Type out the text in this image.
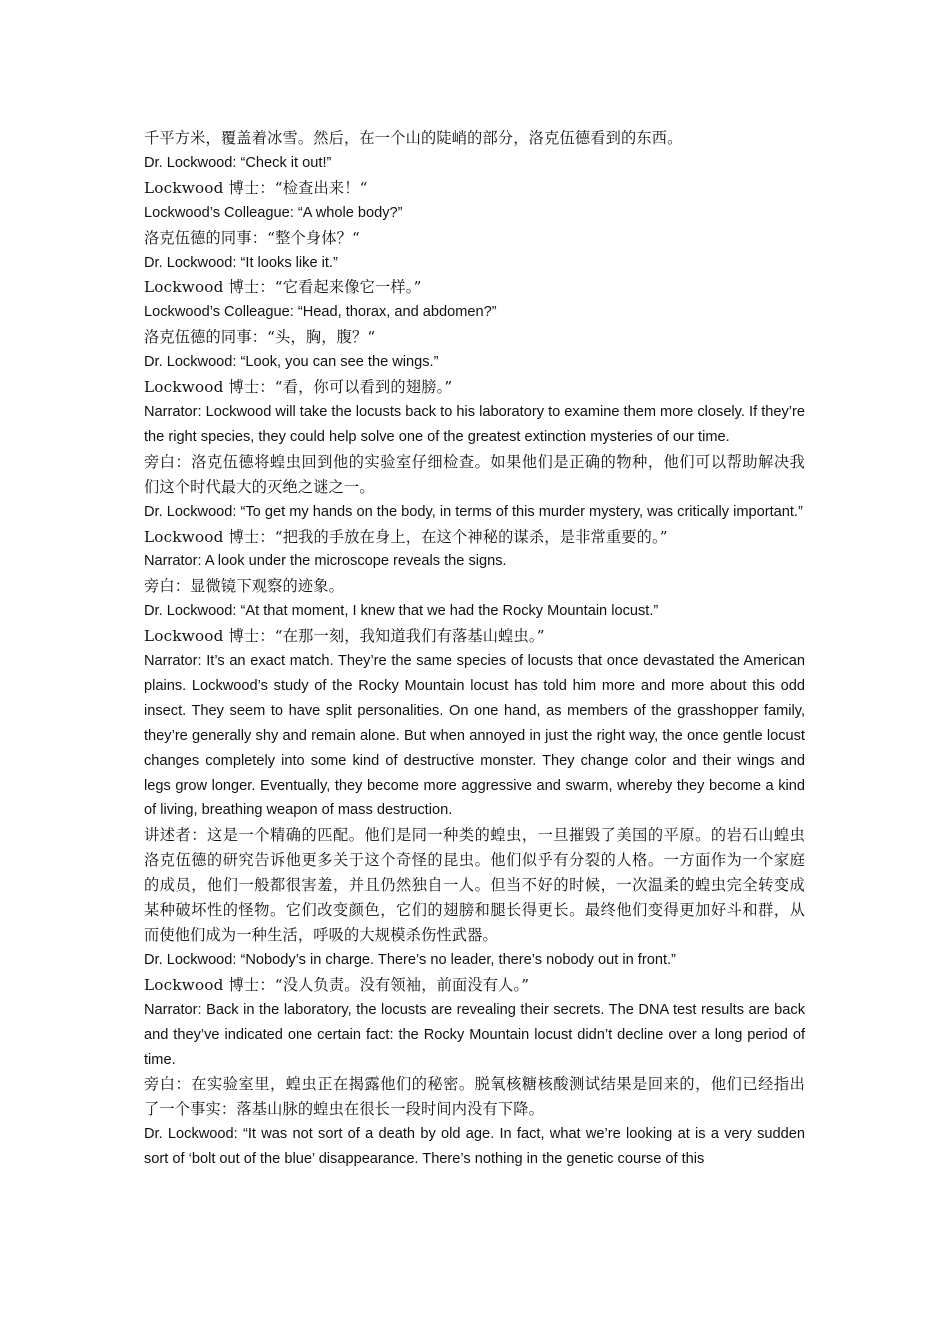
千平方米，覆盖着冰雪。然后，在一个山的陡峭的部分，洛克伍德看到的东西。

Dr. Lockwood: “Check it out!”

Lockwood 博士：“检查出来！“

Lockwood’s Colleague: “A whole body?”

洛克伍德的同事：“整个身体？“

Dr. Lockwood: “It looks like it.”

Lockwood 博士：“它看起来像它一样。”

Lockwood’s Colleague: “Head, thorax, and abdomen?”

洛克伍德的同事：“头，胸，腹？“

Dr. Lockwood: “Look, you can see the wings.”

Lockwood 博士：“看，你可以看到的翅膀。”

Narrator: Lockwood will take the locusts back to his laboratory to examine them more closely. If they’re the right species, they could help solve one of the greatest extinction mysteries of our time.

旁白：洛克伍德将蝗虫回到他的实验室仔细检查。如果他们是正确的物种，他们可以帮助解决我们这个时代最大的灭绝之谜之一。

Dr. Lockwood: “To get my hands on the body, in terms of this murder mystery, was critically important.”

Lockwood 博士：“把我的手放在身上，在这个神秘的谋杀，是非常重要的。”

Narrator: A look under the microscope reveals the signs.

旁白：显微镜下观察的迹象。

Dr. Lockwood: “At that moment, I knew that we had the Rocky Mountain locust.”

Lockwood 博士：“在那一刻，我知道我们有落基山蝗虫。”

Narrator: It’s an exact match. They’re the same species of locusts that once devastated the American plains. Lockwood’s study of the Rocky Mountain locust has told him more and more about this odd insect. They seem to have split personalities. On one hand, as members of the grasshopper family, they’re generally shy and remain alone. But when annoyed in just the right way, the once gentle locust changes completely into some kind of destructive monster. They change color and their wings and legs grow longer. Eventually, they become more aggressive and swarm, whereby they become a kind of living, breathing weapon of mass destruction.

讲述者：这是一个精确的匹配。他们是同一种类的蝗虫，一旦摧毁了美国的平原。的岩石山蝗虫洛克伍德的研究告诉他更多关于这个奇怪的昆虫。他们似乎有分裂的人格。一方面作为一个家庭的成员，他们一般都很害羞，并且仍然独自一人。但当不好的时候，一次温柔的蝗虫完全转变成某种破坏性的怪物。它们改变颜色，它们的翅膀和腿长得更长。最终他们变得更加好斗和群，从而使他们成为一种生活，呼吸的大规模杀伤性武器。

Dr. Lockwood: “Nobody’s in charge. There’s no leader, there’s nobody out in front.”

Lockwood 博士：“没人负责。没有领袖，前面没有人。”

Narrator: Back in the laboratory, the locusts are revealing their secrets. The DNA test results are back and they’ve indicated one certain fact: the Rocky Mountain locust didn’t decline over a long period of time.

旁白：在实验室里，蝗虫正在揭露他们的秘密。脱氧核糖核酸测试结果是回来的，他们已经指出了一个事实：落基山脉的蝗虫在很长一段时间内没有下降。

Dr. Lockwood: “It was not sort of a death by old age. In fact, what we’re looking at is a very sudden sort of ‘bolt out of the blue’ disappearance. There’s nothing in the genetic course of this
